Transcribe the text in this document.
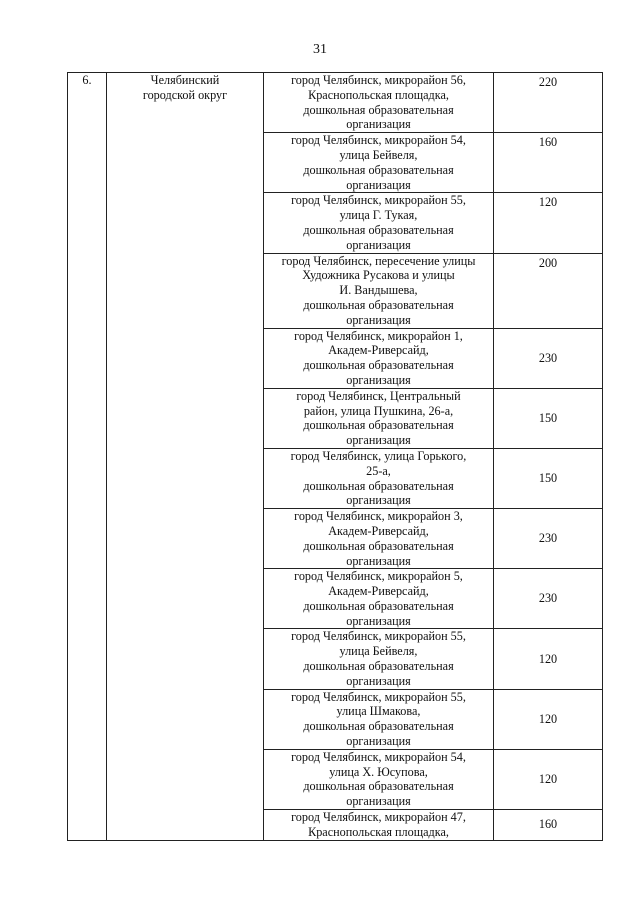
31
6.	Челябинский
городской округ	город Челябинск, микрорайон 56,
Краснопольская площадка,
дошкольная образовательная
организация	220
		город Челябинск, микрорайон 54,
улица Бейвеля,
дошкольная образовательная
организация	160
		город Челябинск, микрорайон 55,
улица Г. Тукая,
дошкольная образовательная
организация	120
		город Челябинск, пересечение улицы
Художника Русакова и улицы
И. Вандышева,
дошкольная образовательная
организация	200
		город Челябинск, микрорайон 1,
Академ-Риверсайд,
дошкольная образовательная
организация	230
		город Челябинск, Центральный
район, улица Пушкина, 26-а,
дошкольная образовательная
организация	150
		город Челябинск, улица Горького,
25-а,
дошкольная образовательная
организация	150
		город Челябинск, микрорайон 3,
Академ-Риверсайд,
дошкольная образовательная
организация	230
		город Челябинск, микрорайон 5,
Академ-Риверсайд,
дошкольная образовательная
организация	230
		город Челябинск, микрорайон 55,
улица Бейвеля,
дошкольная образовательная
организация	120
		город Челябинск, микрорайон 55,
улица Шмакова,
дошкольная образовательная
организация	120
		город Челябинск, микрорайон 54,
улица Х. Юсупова,
дошкольная образовательная
организация	120
		город Челябинск, микрорайон 47,
Краснопольская площадка,	160
